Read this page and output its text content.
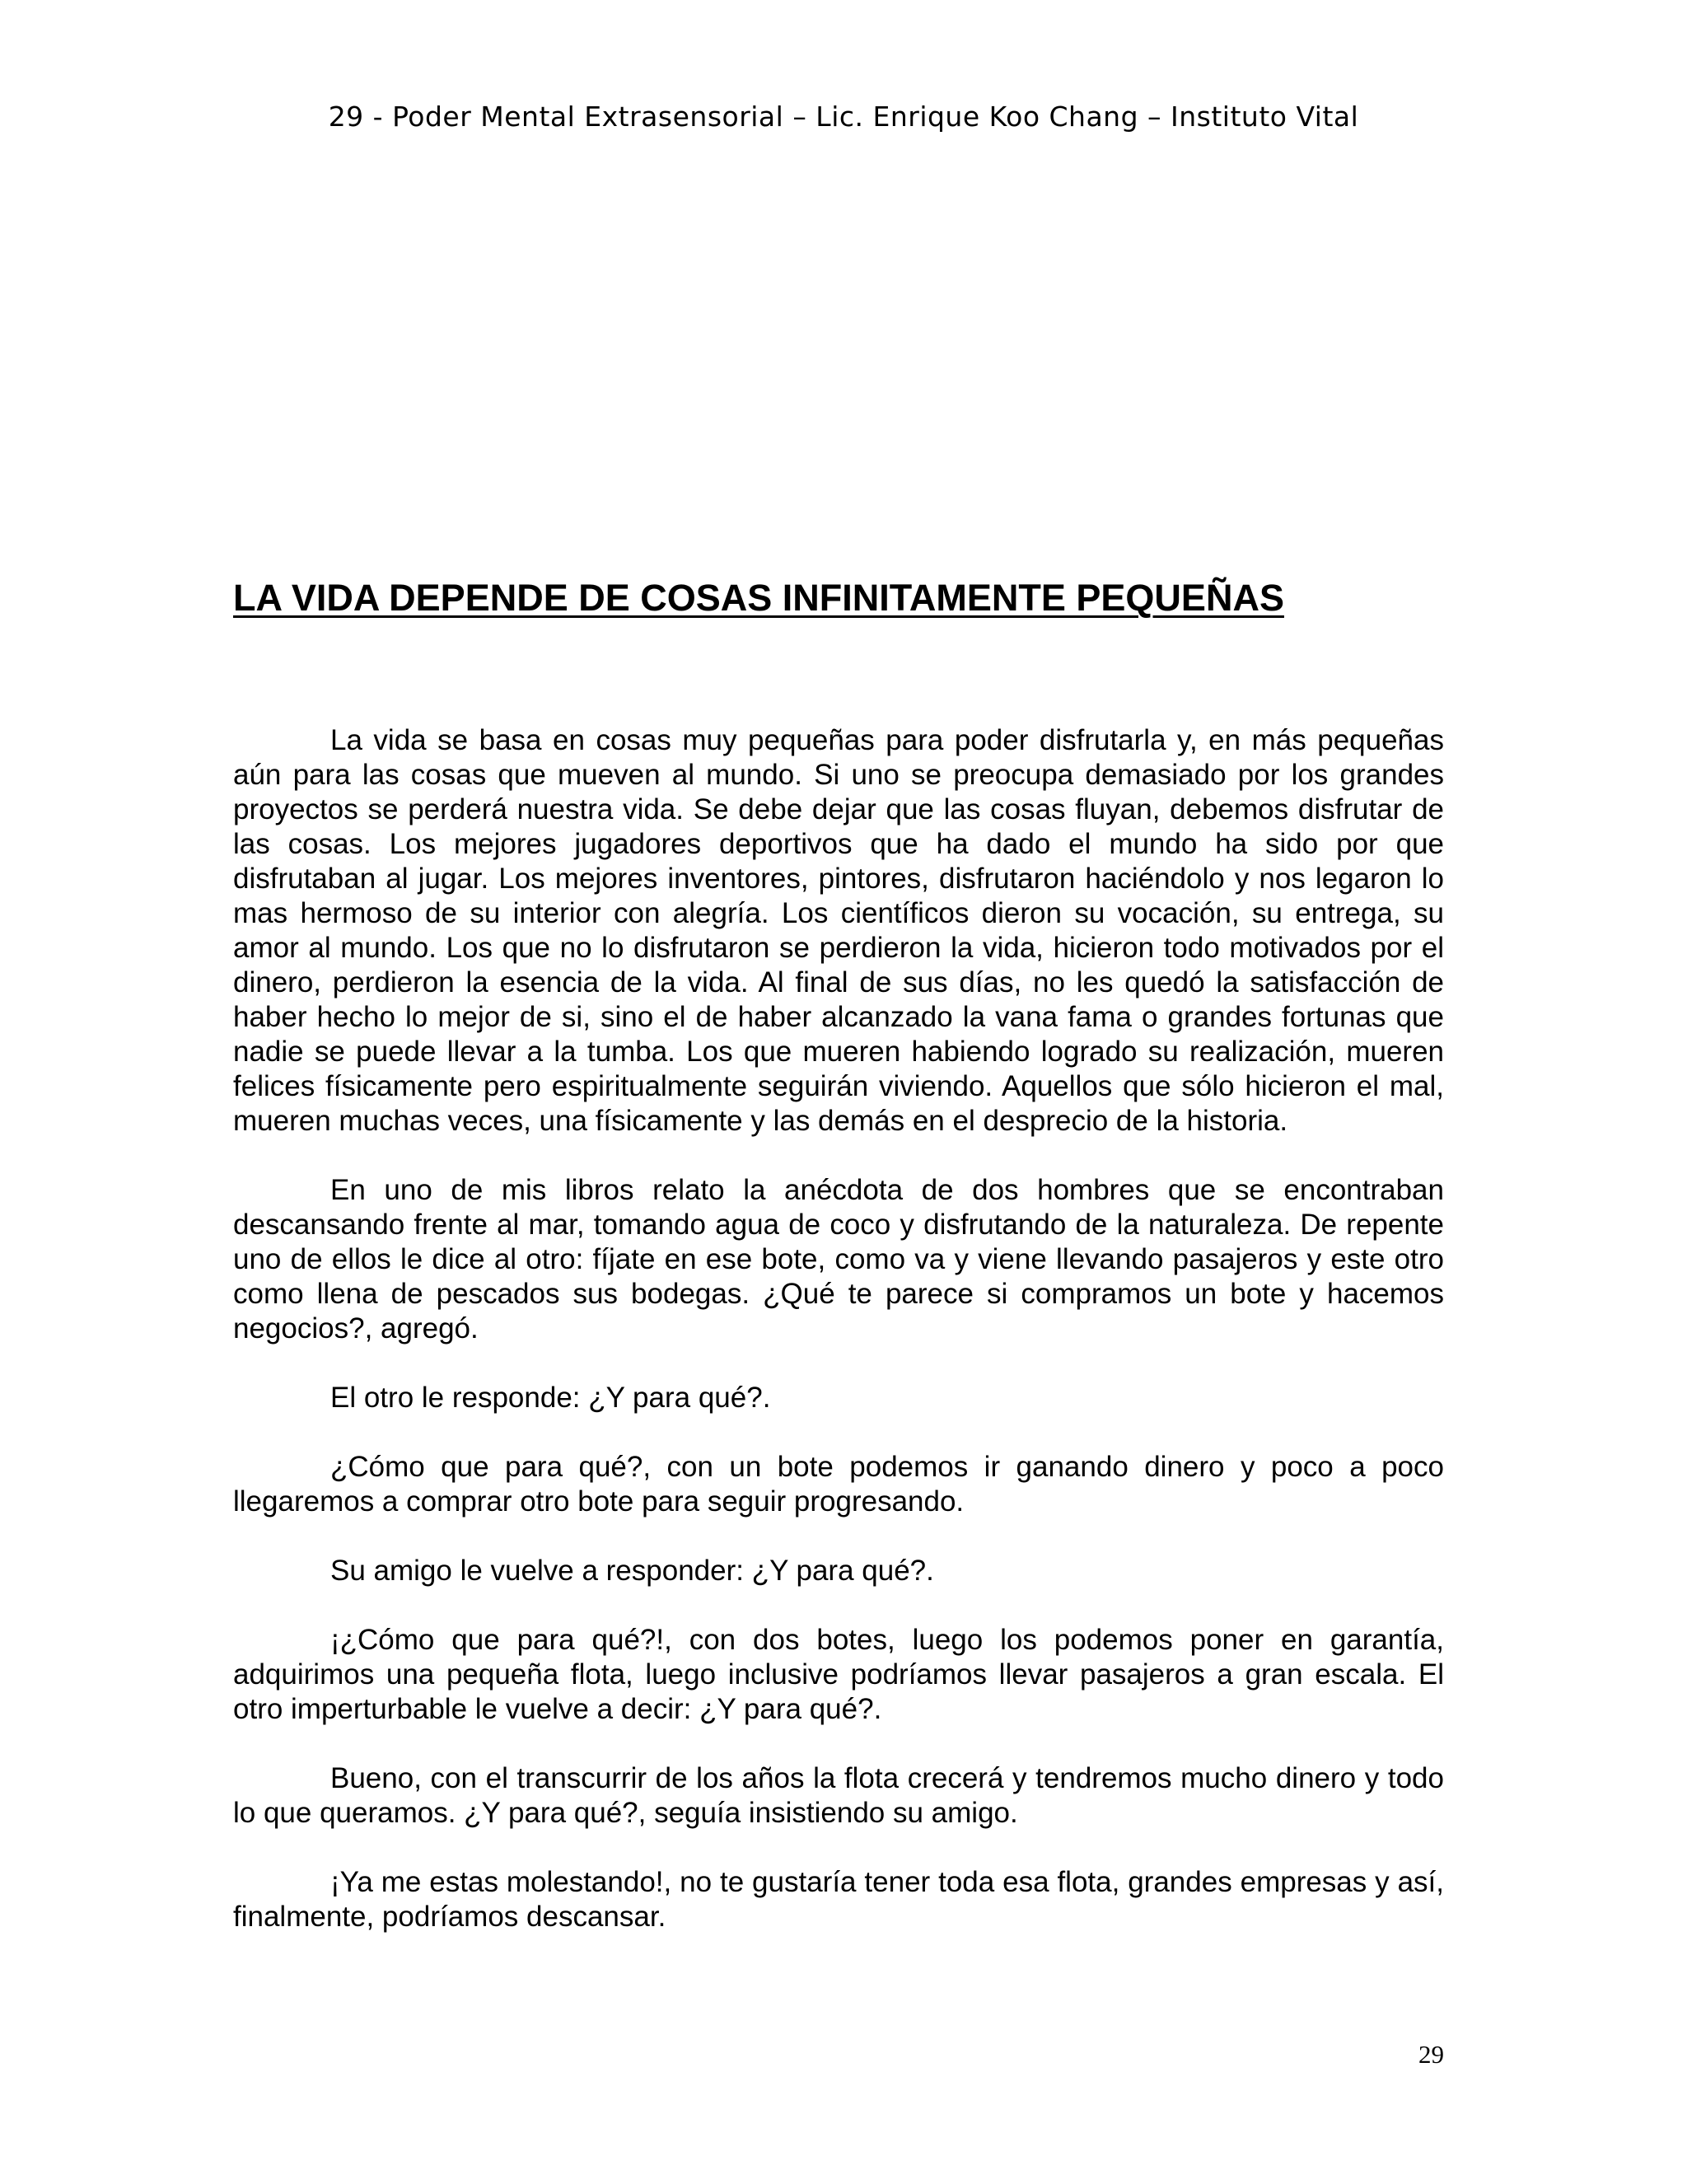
29 - Poder Mental Extrasensorial – Lic. Enrique Koo Chang – Instituto Vital
LA VIDA DEPENDE DE COSAS INFINITAMENTE PEQUEÑAS

La vida se basa en cosas muy pequeñas para poder disfrutarla y, en más pequeñas aún para las cosas que mueven al mundo. Si uno se preocupa demasiado por los grandes proyectos se perderá nuestra vida. Se debe dejar que las cosas fluyan, debemos disfrutar de las cosas. Los mejores jugadores deportivos que ha dado el mundo ha sido por que disfrutaban al jugar. Los mejores inventores, pintores, disfrutaron haciéndolo y nos legaron lo mas hermoso de su interior con alegría. Los científicos dieron su vocación, su entrega, su amor al mundo. Los que no lo disfrutaron se perdieron la vida, hicieron todo motivados por el dinero, perdieron la esencia de la vida. Al final de sus días, no les quedó la satisfacción de haber hecho lo mejor de si, sino el de haber alcanzado la vana fama o grandes fortunas que nadie se puede llevar a la tumba. Los que mueren habiendo logrado su realización, mueren felices físicamente pero espiritualmente seguirán viviendo. Aquellos que sólo hicieron el mal, mueren muchas veces, una físicamente y las demás en el desprecio de la historia.

En uno de mis libros relato la anécdota de dos hombres que se encontraban descansando frente al mar, tomando agua de coco y disfrutando de la naturaleza. De repente uno de ellos le dice al otro: fíjate en ese bote, como va y viene llevando pasajeros y este otro como llena de pescados sus bodegas. ¿Qué te parece si compramos un bote y hacemos negocios?, agregó.

El otro le responde: ¿Y para qué?.

¿Cómo que para qué?, con un bote podemos ir ganando dinero y poco a poco llegaremos a comprar otro bote para seguir progresando.

Su amigo le vuelve a responder: ¿Y para qué?.

¡¿Cómo que para qué?!, con dos botes, luego los podemos poner en garantía, adquirimos una pequeña flota, luego inclusive podríamos llevar pasajeros a gran escala. El otro imperturbable le vuelve a decir: ¿Y para qué?.

Bueno, con el transcurrir de los años la flota crecerá y tendremos mucho dinero y todo lo que queramos. ¿Y para qué?, seguía insistiendo su amigo.

¡Ya me estas molestando!, no te gustaría tener toda esa flota, grandes empresas y así, finalmente, podríamos descansar.

29
